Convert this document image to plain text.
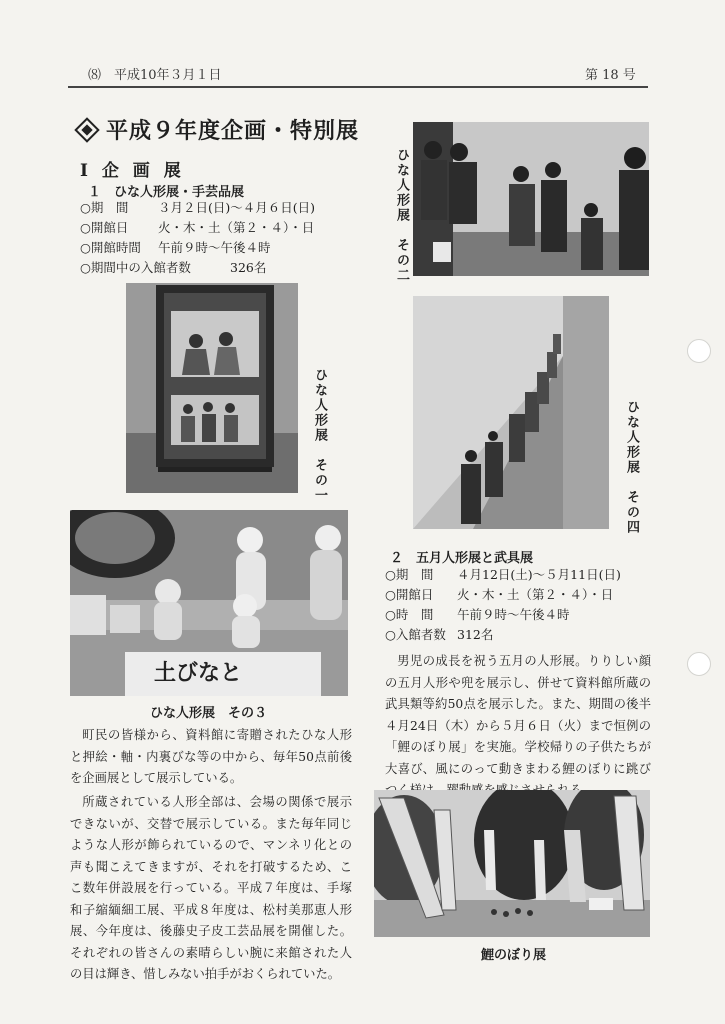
⑻　平成10年３月１日	第 18 号
平成９年度企画・特別展
Ⅰ 企 画 展
１　ひな人形展・手芸品展
○期　間	３月２日(日)～４月６日(日)
○開館日	火・木・土（第２・４）・日
○開館時間	午前９時～午後４時
○期間中の入館者数	326名
ひな人形展　その一
土びなと
ひな人形展　その３
町民の皆様から、資料館に寄贈されたひな人形と押絵・軸・内裏びな等の中から、毎年50点前後を企画展として展示している。
所蔵されている人形全部は、会場の関係で展示できないが、交替で展示している。また毎年同じような人形が飾られているので、マンネリ化との声も聞こえてきますが、それを打破するため、ここ数年併設展を行っている。平成７年度は、手塚和子縮緬細工展、平成８年度は、松村美那恵人形展、今年度は、後藤史子皮工芸品展を開催した。それぞれの皆さんの素晴らしい腕に来館された人の目は輝き、惜しみない拍手がおくられていた。
ひな人形展　その二
ひな人形展　その四
２　五月人形展と武具展
○期　間	４月12日(土)～５月11日(日)
○開館日	火・木・土（第２・４）・日
○時　間	午前９時～午後４時
○入館者数 312名
男児の成長を祝う五月の人形展。りりしい顔の五月人形や兜を展示し、併せて資料館所蔵の武具類等約50点を展示した。また、期間の後半４月24日（木）から５月６日（火）まで恒例の「鯉のぼり展」を実施。学校帰りの子供たちが大喜び、風にのって動きまわる鯉のぼりに跳び
鯉のぼり展
